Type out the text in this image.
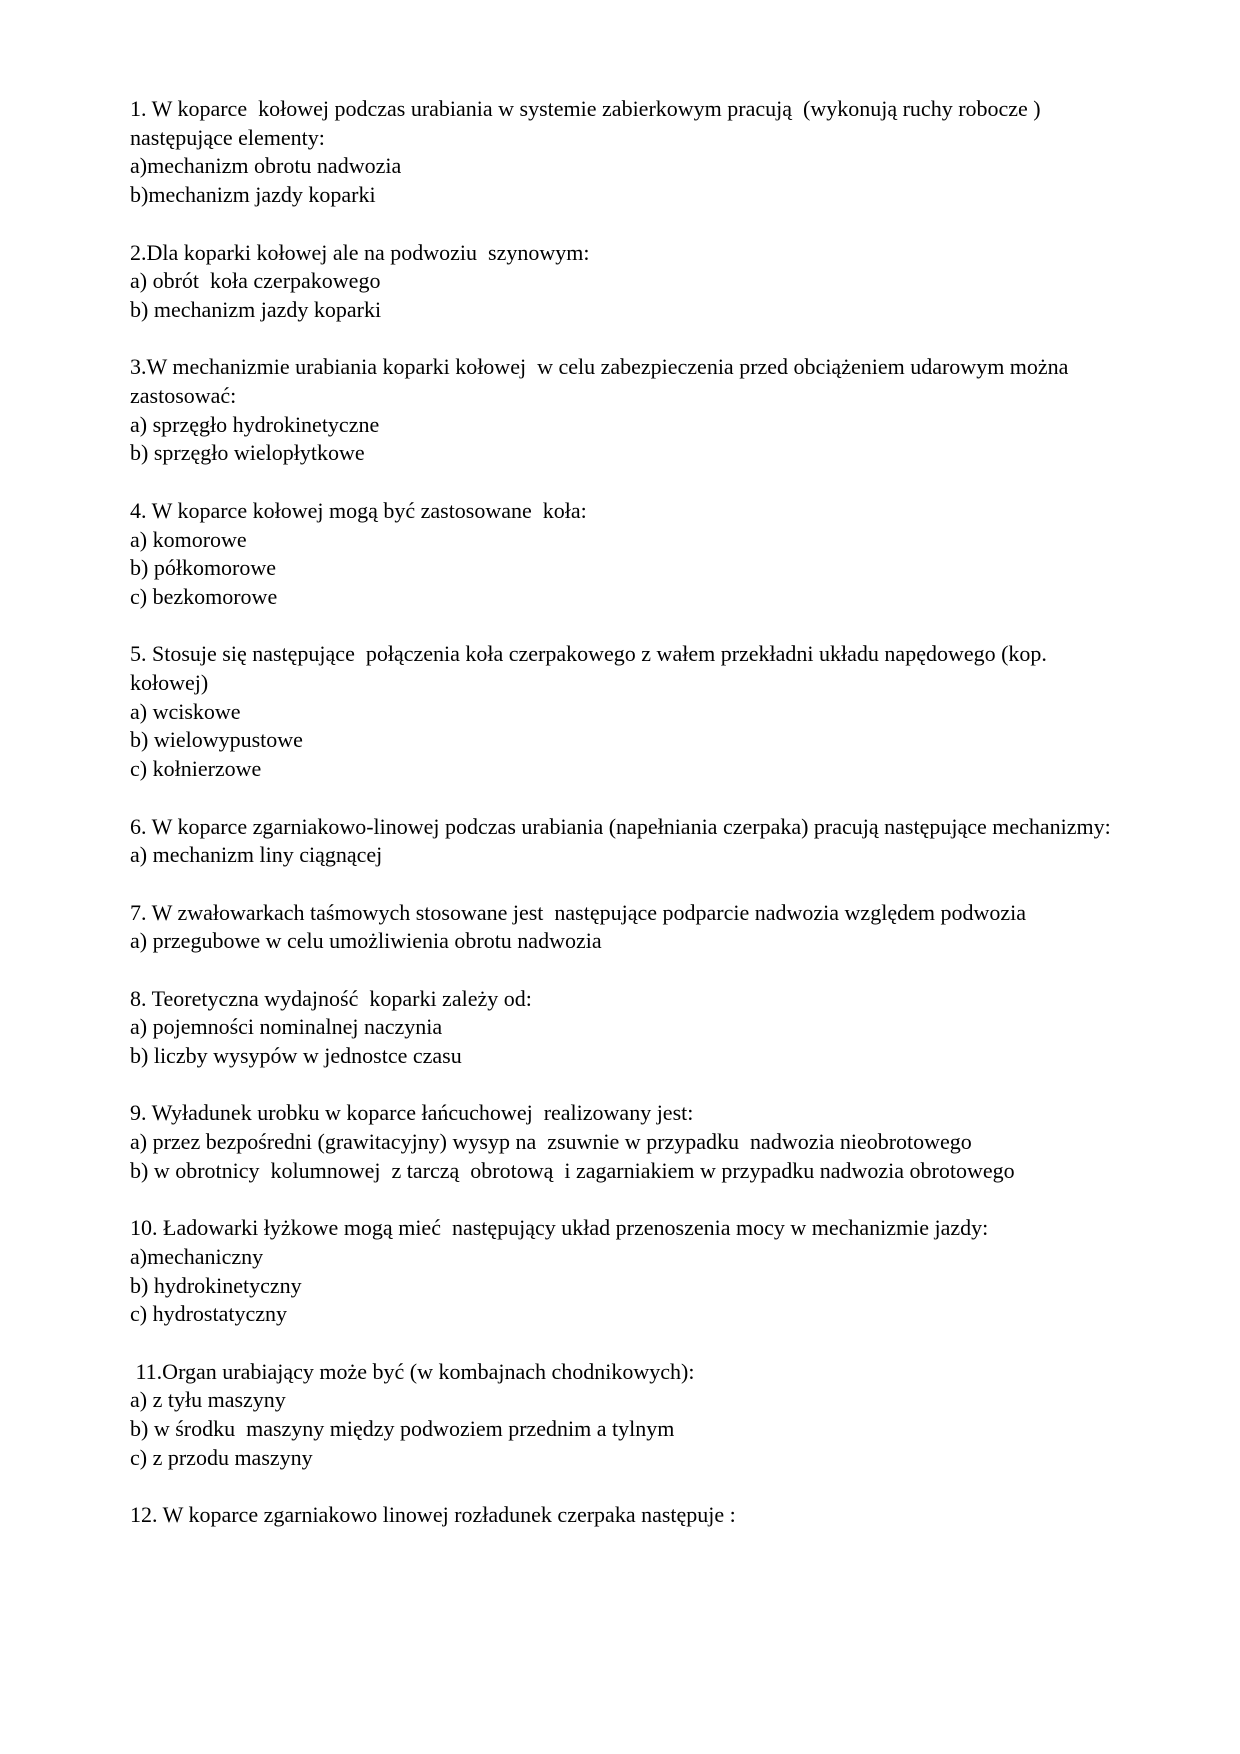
1. W koparce  kołowej podczas urabiania w systemie zabierkowym pracują  (wykonują ruchy robocze )  następujące elementy:
a)mechanizm obrotu nadwozia
b)mechanizm jazdy koparki
2.Dla koparki kołowej ale na podwoziu  szynowym:
a) obrót  koła czerpakowego
b) mechanizm jazdy koparki
3.W mechanizmie urabiania koparki kołowej  w celu zabezpieczenia przed obciążeniem udarowym można zastosować:
a) sprzęgło hydrokinetyczne
b) sprzęgło wielopłytkowe
4. W koparce kołowej mogą być zastosowane  koła:
a) komorowe
b) półkomorowe
c) bezkomorowe
5. Stosuje się następujące  połączenia koła czerpakowego z wałem przekładni układu napędowego (kop. kołowej)
a) wciskowe
b) wielowypustowe
c) kołnierzowe
6. W koparce zgarniakowo-linowej podczas urabiania (napełniania czerpaka) pracują następujące mechanizmy:
a) mechanizm liny ciągnącej
7. W zwałowarkach taśmowych stosowane jest  następujące podparcie nadwozia względem podwozia
a) przegubowe w celu umożliwienia obrotu nadwozia
8. Teoretyczna wydajność  koparki zależy od:
a) pojemności nominalnej naczynia
b) liczby wysypów w jednostce czasu
9. Wyładunek urobku w koparce łańcuchowej  realizowany jest:
a) przez bezpośredni (grawitacyjny) wysyp na  zsuwnie w przypadku  nadwozia nieobrotowego
b) w obrotnicy  kolumnowej  z tarczą  obrotową  i zagarniakiem w przypadku nadwozia obrotowego
10. Ładowarki łyżkowe mogą mieć  następujący układ przenoszenia mocy w mechanizmie jazdy:
a)mechaniczny
b) hydrokinetyczny
c) hydrostatyczny
11.Organ urabiający może być (w kombajnach chodnikowych):
a) z tyłu maszyny
b) w środku  maszyny między podwoziem przednim a tylnym
c) z przodu maszyny
12. W koparce zgarniakowo linowej rozładunek czerpaka następuje :
